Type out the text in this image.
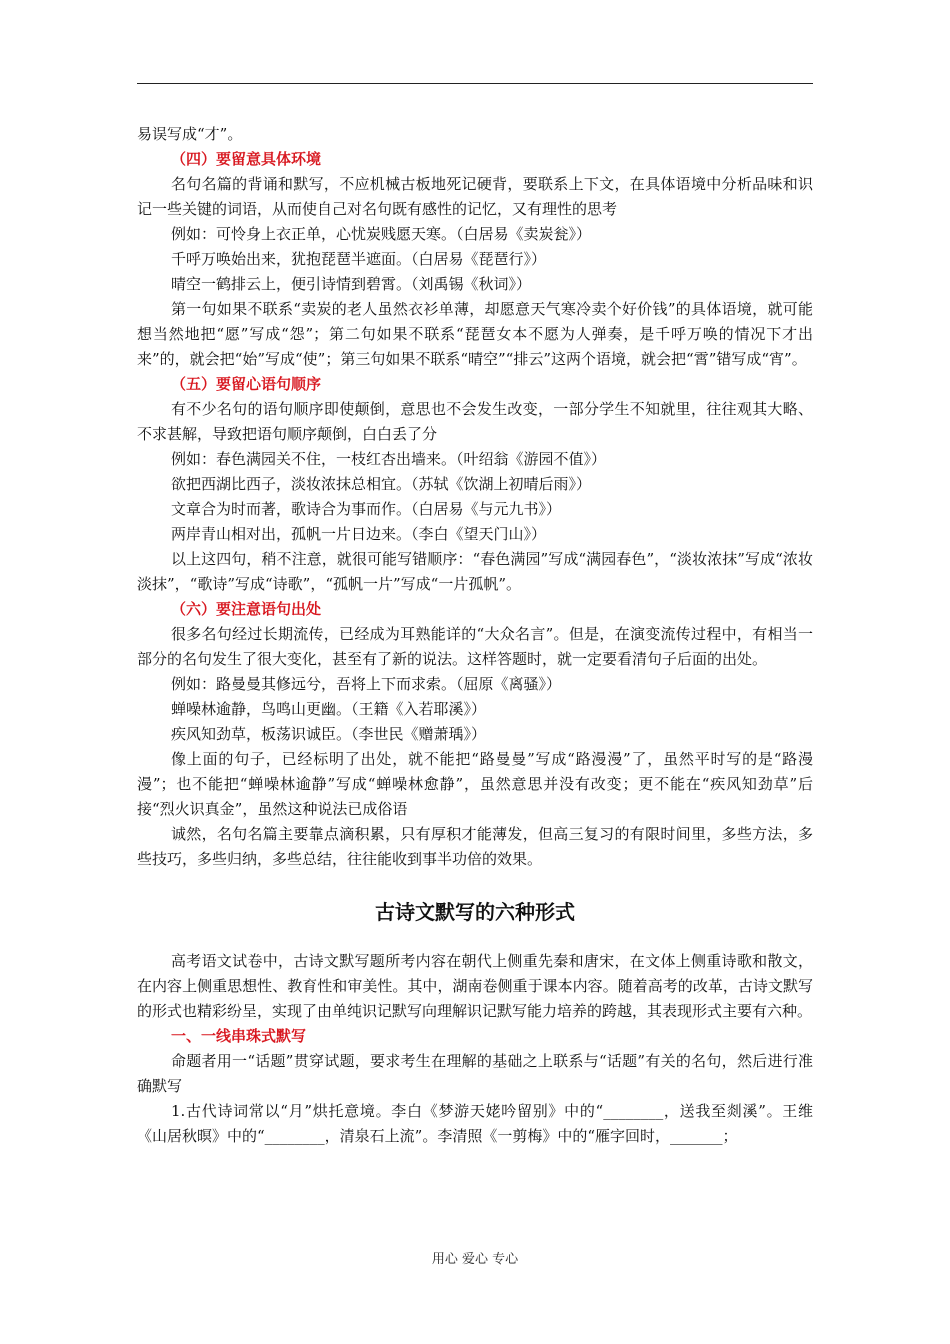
易误写成“才”。

（四）要留意具体环境

名句名篇的背诵和默写，不应机械古板地死记硬背，要联系上下文，在具体语境中分析品味和识记一些关键的词语，从而使自己对名句既有感性的记忆，又有理性的思考

例如：可怜身上衣正单，心忧炭贱愿天寒。（白居易《卖炭瓮》）

千呼万唤始出来，犹抱琵琶半遮面。（白居易《琵琶行》）

晴空一鹤排云上，便引诗情到碧霄。（刘禹锡《秋词》）

第一句如果不联系“卖炭的老人虽然衣衫单薄，却愿意天气寒冷卖个好价钱”的具体语境，就可能想当然地把“愿”写成“怨”；第二句如果不联系“琵琶女本不愿为人弹奏，是千呼万唤的情况下才出来”的，就会把“始”写成“使”；第三句如果不联系“晴空”“排云”这两个语境，就会把“霄”错写成“宵”。

（五）要留心语句顺序

有不少名句的语句顺序即使颠倒，意思也不会发生改变，一部分学生不知就里，往往观其大略、不求甚解，导致把语句顺序颠倒，白白丢了分

例如：春色满园关不住，一枝红杏出墙来。（叶绍翁《游园不值》）

欲把西湖比西子，淡妆浓抹总相宜。（苏轼《饮湖上初晴后雨》）

文章合为时而著，歌诗合为事而作。（白居易《与元九书》）

两岸青山相对出，孤帆一片日边来。（李白《望天门山》）

以上这四句，稍不注意，就很可能写错顺序：“春色满园”写成“满园春色”，“淡妆浓抹”写成“浓妆淡抹”，“歌诗”写成“诗歌”，“孤帆一片”写成“一片孤帆”。

（六）要注意语句出处

很多名句经过长期流传，已经成为耳熟能详的“大众名言”。但是，在演变流传过程中，有相当一部分的名句发生了很大变化，甚至有了新的说法。这样答题时，就一定要看清句子后面的出处。

例如：路曼曼其修远兮，吾将上下而求索。（屈原《离骚》）

蝉噪林逾静，鸟鸣山更幽。（王籍《入若耶溪》）

疾风知劲草，板荡识诚臣。（李世民《赠萧瑀》）

像上面的句子，已经标明了出处，就不能把“路曼曼”写成“路漫漫”了，虽然平时写的是“路漫漫”；也不能把“蝉噪林逾静”写成“蝉噪林愈静”，虽然意思并没有改变；更不能在“疾风知劲草”后接“烈火识真金”，虽然这种说法已成俗语

诚然，名句名篇主要靠点滴积累，只有厚积才能薄发，但高三复习的有限时间里，多些方法，多些技巧，多些归纳，多些总结，往往能收到事半功倍的效果。

古诗文默写的六种形式

高考语文试卷中，古诗文默写题所考内容在朝代上侧重先秦和唐宋，在文体上侧重诗歌和散文，在内容上侧重思想性、教育性和审美性。其中，湖南卷侧重于课本内容。随着高考的改革，古诗文默写的形式也精彩纷呈，实现了由单纯识记默写向理解识记默写能力培养的跨越，其表现形式主要有六种。

一、一线串珠式默写

命题者用一“话题”贯穿试题，要求考生在理解的基础之上联系与“话题”有关的名句，然后进行准确默写

1.古代诗词常以“月”烘托意境。李白《梦游天姥吟留别》中的“________，送我至剡溪”。王维《山居秋暝》中的“________，清泉石上流”。李清照《一剪梅》中的“雁字回时，_______；

用心 爱心 专心
